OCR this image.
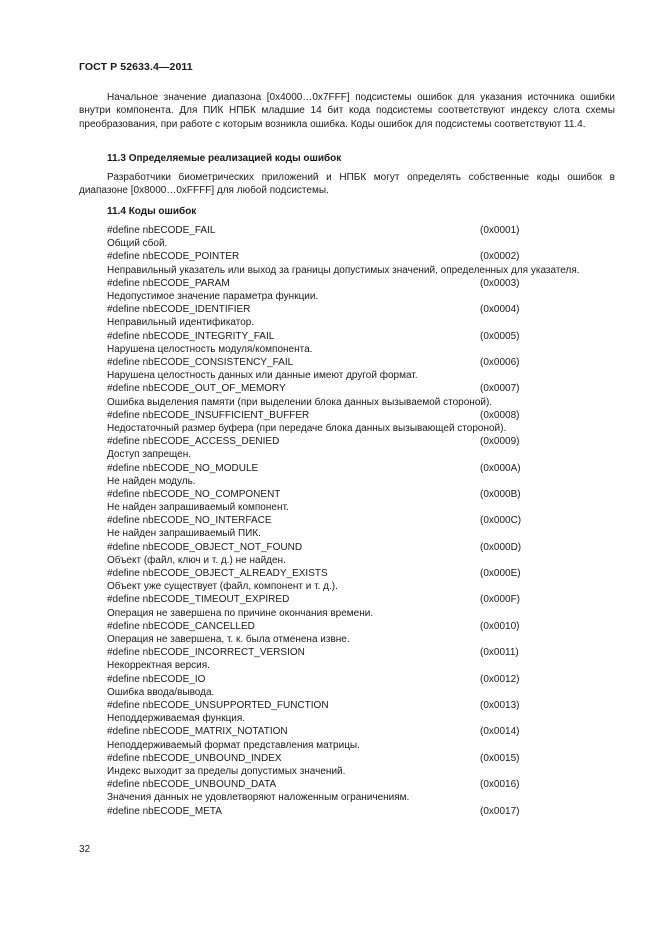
ГОСТ Р 52633.4—2011
Начальное значение диапазона [0x4000…0x7FFF] подсистемы ошибок для указания источника ошибки внутри компонента. Для ПИК НПБК младшие 14 бит кода подсистемы соответствуют индексу слота схемы преобразования, при работе с которым возникла ошибка. Коды ошибок для подсистемы соответствуют 11.4.
11.3 Определяемые реализацией коды ошибок
Разработчики биометрических приложений и НПБК могут определять собственные коды ошибок в диапазоне [0x8000…0xFFFF] для любой подсистемы.
11.4 Коды ошибок
#define nbECODE_FAIL	(0x0001)
Общий сбой.
#define nbECODE_POINTER	(0x0002)
Неправильный указатель или выход за границы допустимых значений, определенных для указателя.
#define nbECODE_PARAM	(0x0003)
Недопустимое значение параметра функции.
#define nbECODE_IDENTIFIER	(0x0004)
Неправильный идентификатор.
#define nbECODE_INTEGRITY_FAIL	(0x0005)
Нарушена целостность модуля/компонента.
#define nbECODE_CONSISTENCY_FAIL	(0x0006)
Нарушена целостность данных или данные имеют другой формат.
#define nbECODE_OUT_OF_MEMORY	(0x0007)
Ошибка выделения памяти (при выделении блока данных вызываемой стороной).
#define nbECODE_INSUFFICIENT_BUFFER	(0x0008)
Недостаточный размер буфера (при передаче блока данных вызывающей стороной).
#define nbECODE_ACCESS_DENIED	(0x0009)
Доступ запрещен.
#define nbECODE_NO_MODULE	(0x000A)
Не найден модуль.
#define nbECODE_NO_COMPONENT	(0x000B)
Не найден запрашиваемый компонент.
#define nbECODE_NO_INTERFACE	(0x000C)
Не найден запрашиваемый ПИК.
#define nbECODE_OBJECT_NOT_FOUND	(0x000D)
Объект (файл, ключ и т. д.) не найден.
#define nbECODE_OBJECT_ALREADY_EXISTS	(0x000E)
Объект уже существует (файл, компонент и т. д.).
#define nbECODE_TIMEOUT_EXPIRED	(0x000F)
Операция не завершена по причине окончания времени.
#define nbECODE_CANCELLED	(0x0010)
Операция не завершена, т. к. была отменена извне.
#define nbECODE_INCORRECT_VERSION	(0x0011)
Некорректная версия.
#define nbECODE_IO	(0x0012)
Ошибка ввода/вывода.
#define nbECODE_UNSUPPORTED_FUNCTION	(0x0013)
Неподдерживаемая функция.
#define nbECODE_MATRIX_NOTATION	(0x0014)
Неподдерживаемый формат представления матрицы.
#define nbECODE_UNBOUND_INDEX	(0x0015)
Индекс выходит за пределы допустимых значений.
#define nbECODE_UNBOUND_DATA	(0x0016)
Значения данных не удовлетворяют наложенным ограничениям.
#define nbECODE_META	(0x0017)
32
